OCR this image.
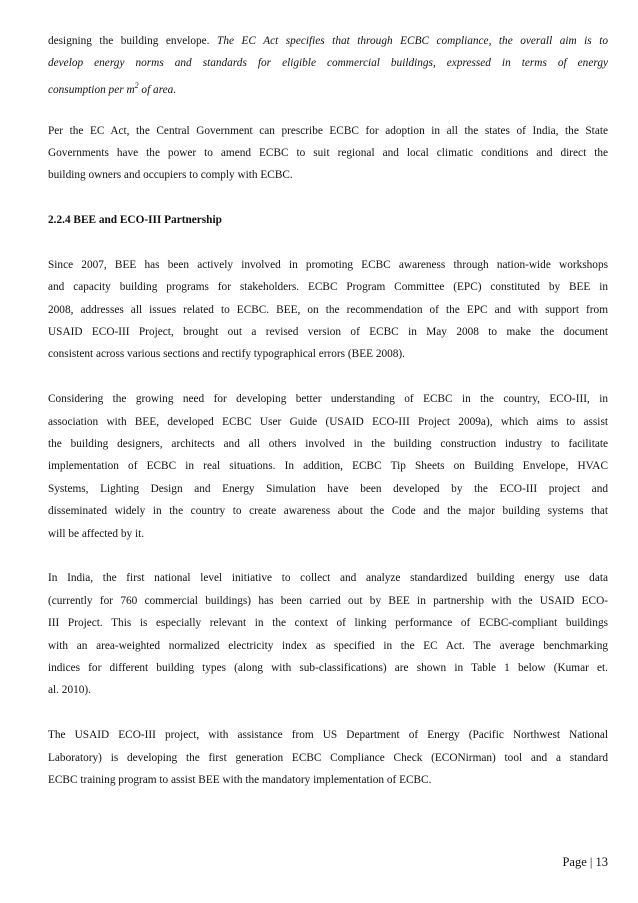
designing the building envelope. The EC Act specifies that through ECBC compliance, the overall aim is to
develop energy norms and standards for eligible commercial buildings, expressed in terms of energy
consumption per $m^2$ of area.
Per the EC Act, the Central Government can prescribe ECBC for adoption in all the states of India, the State
Governments have the power to amend ECBC to suit regional and local climatic conditions and direct the
building owners and occupiers to comply with ECBC.
2.2.4 BEE and ECO-III Partnership
Since 2007, BEE has been actively involved in promoting ECBC awareness through nation-wide workshops
and capacity building programs for stakeholders. ECBC Program Committee (EPC) constituted by BEE in
2008, addresses all issues related to ECBC. BEE, on the recommendation of the EPC and with support from
USAID ECO-III Project, brought out a revised version of ECBC in May 2008 to make the document
consistent across various sections and rectify typographical errors (BEE 2008).
Considering the growing need for developing better understanding of ECBC in the country, ECO-III, in
association with BEE, developed ECBC User Guide (USAID ECO-III Project 2009a), which aims to assist
the building designers, architects and all others involved in the building construction industry to facilitate
implementation of ECBC in real situations. In addition, ECBC Tip Sheets on Building Envelope, HVAC
Systems, Lighting Design and Energy Simulation have been developed by the ECO-III project and
disseminated widely in the country to create awareness about the Code and the major building systems that
will be affected by it.
In India, the first national level initiative to collect and analyze standardized building energy use data
(currently for 760 commercial buildings) has been carried out by BEE in partnership with the USAID ECO-
III Project. This is especially relevant in the context of linking performance of ECBC-compliant buildings
with an area-weighted normalized electricity index as specified in the EC Act. The average benchmarking
indices for different building types (along with sub-classifications) are shown in Table 1 below (Kumar et.
al. 2010).
The USAID ECO-III project, with assistance from US Department of Energy (Pacific Northwest National
Laboratory) is developing the first generation ECBC Compliance Check (ECONirman) tool and a standard
ECBC training program to assist BEE with the mandatory implementation of ECBC.
Page | 13
